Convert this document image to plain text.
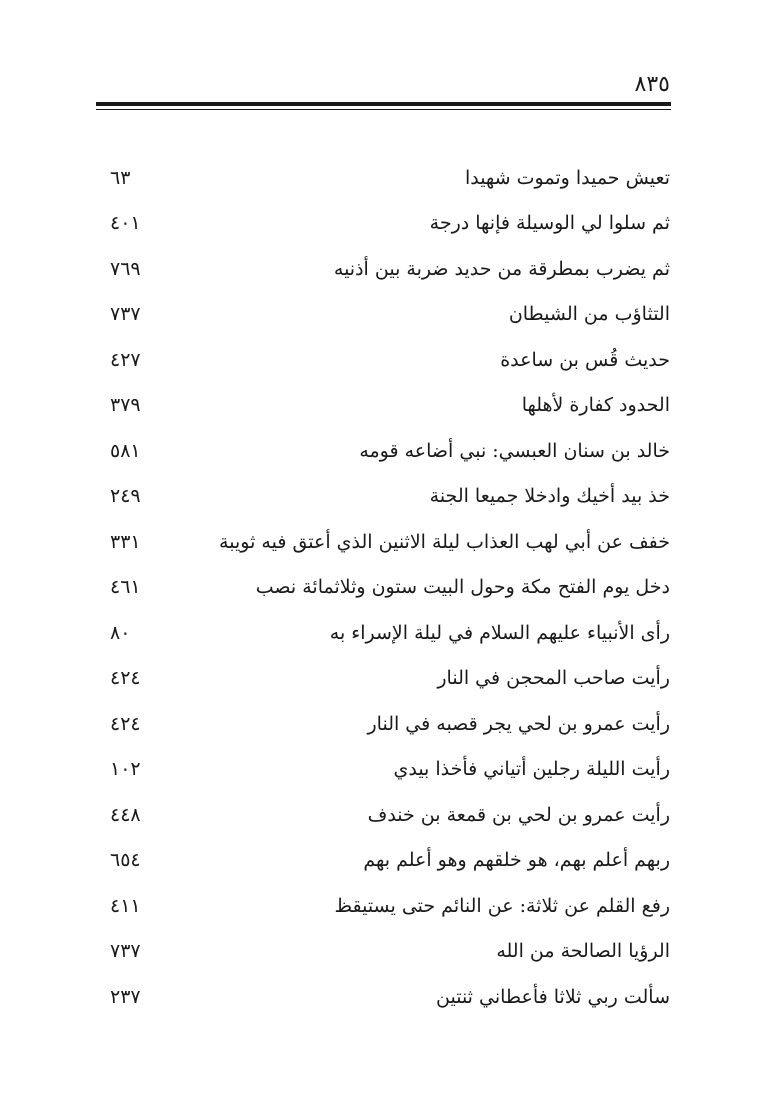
٨٣٥
تعيش حميدا وتموت شهيدا
٦٣
ثم سلوا لي الوسيلة فإنها درجة
٤٠١
ثم يضرب بمطرقة من حديد ضربة بين أذنيه
٧٦٩
التثاؤب من الشيطان
٧٣٧
حديث قُس بن ساعدة
٤٢٧
الحدود كفارة لأهلها
٣٧٩
خالد بن سنان العبسي: نبي أضاعه قومه
٥٨١
خذ بيد أخيك وادخلا جميعا الجنة
٢٤٩
خفف عن أبي لهب العذاب ليلة الاثنين الذي أعتق فيه ثويبة
٣٣١
دخل يوم الفتح مكة وحول البيت ستون وثلاثمائة نصب
٤٦١
رأى الأنبياء عليهم السلام في ليلة الإسراء به
٨٠
رأيت صاحب المحجن في النار
٤٢٤
رأيت عمرو بن لحي يجر قصبه في النار
٤٢٤
رأيت الليلة رجلين أتياني فأخذا بيدي
١٠٢
رأيت عمرو بن لحي بن قمعة بن خندف
٤٤٨
ربهم أعلم بهم، هو خلقهم وهو أعلم بهم
٦٥٤
رفع القلم عن ثلاثة: عن النائم حتى يستيقظ
٤١١
الرؤيا الصالحة من الله
٧٣٧
سألت ربي ثلاثا فأعطاني ثنتين
٢٣٧
